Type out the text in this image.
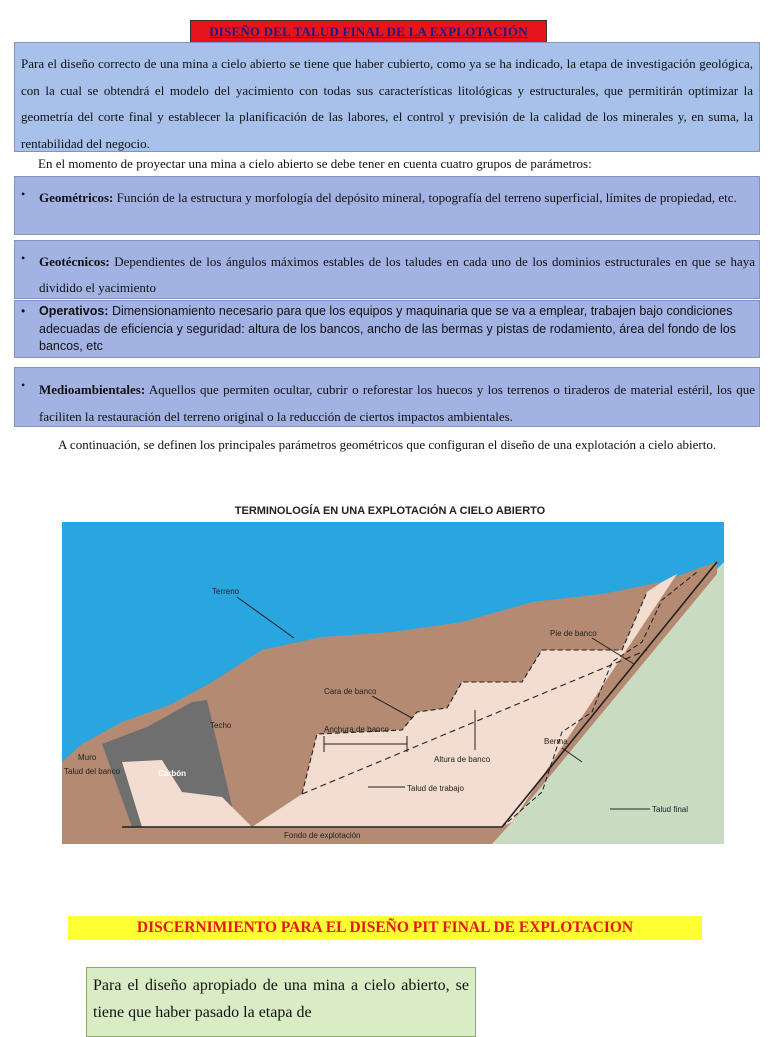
DISEÑO DEL TALUD FINAL DE LA EXPLOTACIÓN
Para el diseño correcto de una mina a cielo abierto se tiene que haber cubierto, como ya se ha indicado, la etapa de investigación geológica, con la cual se obtendrá el modelo del yacimiento con todas sus características litológicas y estructurales, que permitirán optimizar la geometría del corte final y establecer la planificación de las labores, el control y previsión de la calidad de los minerales y, en suma, la rentabilidad del negocio.
En el momento de proyectar una mina a cielo abierto se debe tener en cuenta cuatro grupos de parámetros:
• Geométricos: Función de la estructura y morfología del depósito mineral, topografía del terreno superficial, límites de propiedad, etc.
• Geotécnicos: Dependientes de los ángulos máximos estables de los taludes en cada uno de los dominios estructurales en que se haya dividido el yacimiento
• Operativos: Dimensionamiento necesario para que los equipos y maquinaria que se va a emplear, trabajen bajo condiciones adecuadas de eficiencia y seguridad: altura de los bancos, ancho de las bermas y pistas de rodamiento, área del fondo de los bancos, etc
• Medioambientales: Aquellos que permiten ocultar, cubrir o reforestar los huecos y los terrenos o tiraderos de material estéril, los que faciliten la restauración del terreno original o la reducción de ciertos impactos ambientales.
A continuación, se definen los principales parámetros geométricos que configuran el diseño de una explotación a cielo abierto.
TERMINOLOGÍA EN UNA EXPLOTACIÓN A CIELO ABIERTO
Terreno
Pie de banco
Cara de banco
Techo	Anchura de banco
Muro
Carbón
Altura de banco
Berma
Talud del banco
Talud de trabajo
Talud final
Fondo de explotación
DISCERNIMIENTO PARA EL DISEÑO PIT FINAL DE EXPLOTACION
Para el diseño apropiado de una mina a cielo abierto, se tiene que haber pasado la etapa de
